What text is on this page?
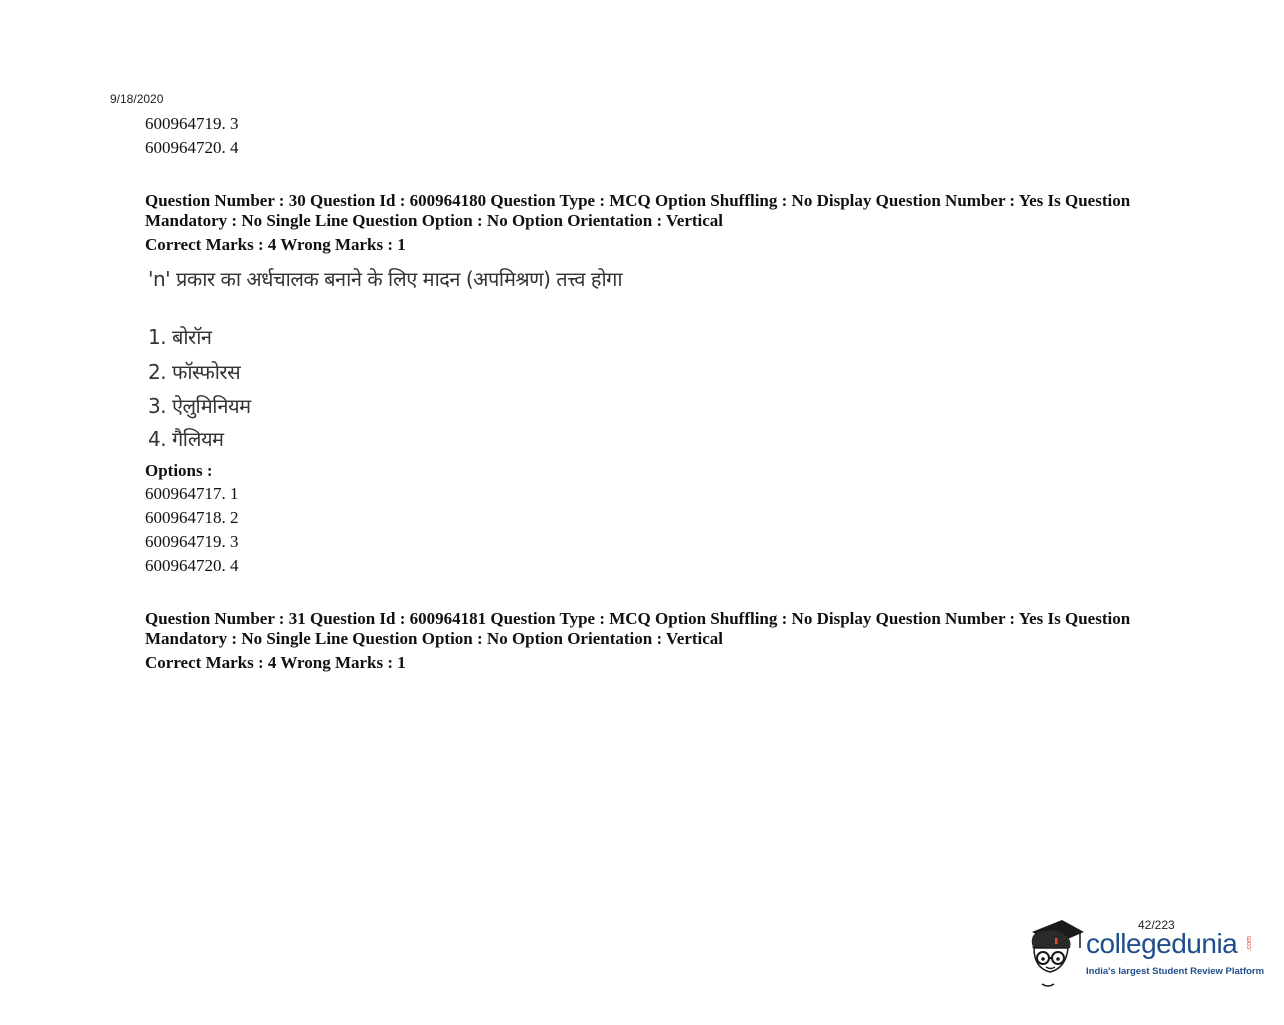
9/18/2020
600964719. 3
600964720. 4
Question Number : 30 Question Id : 600964180 Question Type : MCQ Option Shuffling : No Display Question Number : Yes Is Question Mandatory : No Single Line Question Option : No Option Orientation : Vertical
Correct Marks : 4 Wrong Marks : 1
'n' प्रकार का अर्धचालक बनाने के लिए मादन (अपमिश्रण) तत्त्व होगा
1. बोरॉन
2. फॉस्फोरस
3. ऐलुमिनियम
4. गैलियम
Options :
600964717. 1
600964718. 2
600964719. 3
600964720. 4
Question Number : 31 Question Id : 600964181 Question Type : MCQ Option Shuffling : No Display Question Number : Yes Is Question Mandatory : No Single Line Question Option : No Option Orientation : Vertical
Correct Marks : 4 Wrong Marks : 1
42/223
collegedunia .com
India's largest Student Review Platform
